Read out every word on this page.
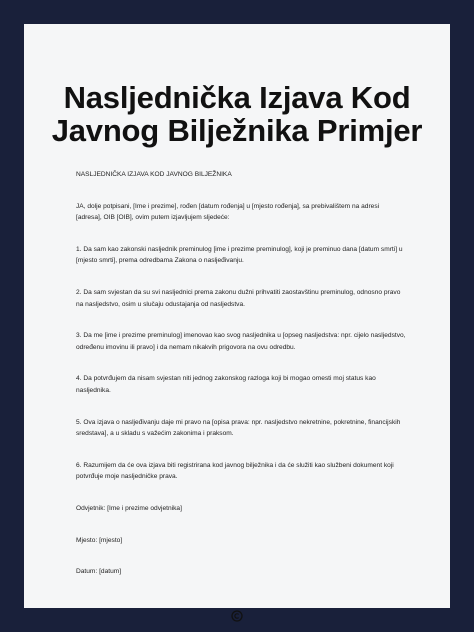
Nasljednička Izjava Kod Javnog Bilježnika Primjer

NASLJEDNIČKA IZJAVA KOD JAVNOG BILJEŽNIKA

JA, dolje potpisani, [Ime i prezime], rođen [datum rođenja] u [mjesto rođenja], sa prebivalištem na adresi [adresa], OIB [OIB], ovim putem izjavljujem sljedeće:

1. Da sam kao zakonski nasljednik preminulog [ime i prezime preminulog], koji je preminuo dana [datum smrti] u [mjesto smrti], prema odredbama Zakona o nasljeđivanju.

2. Da sam svjestan da su svi nasljednici prema zakonu dužni prihvatiti zaostavštinu preminulog, odnosno pravo na nasljedstvo, osim u slučaju odustajanja od nasljedstva.

3. Da me [ime i prezime preminulog] imenovao kao svog nasljednika u [opseg nasljedstva: npr. cijelo nasljedstvo, određenu imovinu ili pravo] i da nemam nikakvih prigovora na ovu odredbu.

4. Da potvrđujem da nisam svjestan niti jednog zakonskog razloga koji bi mogao omesti moj status kao nasljednika.

5. Ova izjava o nasljeđivanju daje mi pravo na [opisa prava: npr. nasljedstvo nekretnine, pokretnine, financijskih sredstava], a u skladu s važećim zakonima i praksom.

6. Razumijem da će ova izjava biti registrirana kod javnog bilježnika i da će služiti kao službeni dokument koji potvrđuje moje nasljedničke prava.

Odvjetnik: [Ime i prezime odvjetnika]

Mjesto: [mjesto]

Datum: [datum]
